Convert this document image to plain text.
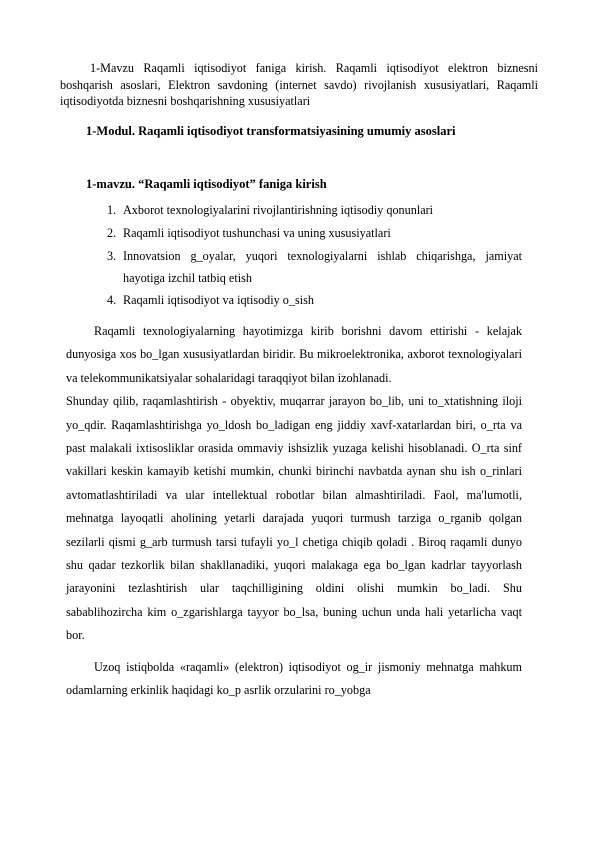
1-Mavzu Raqamli iqtisodiyot faniga kirish. Raqamli iqtisodiyot elektron biznesni boshqarish asoslari, Elektron savdoning (internet savdo) rivojlanish xususiyatlari, Raqamli iqtisodiyotda biznesni boshqarishning xususiyatlari

1-Modul. Raqamli iqtisodiyot transformatsiyasining umumiy asoslari

1-mavzu. “Raqamli iqtisodiyot” faniga kirish

1. Axborot texnologiyalarini rivojlantirishning iqtisodiy qonunlari
2. Raqamli iqtisodiyot tushunchasi va uning xususiyatlari
3. Innovatsion g_oyalar, yuqori texnologiyalarni ishlab chiqarishga, jamiyat hayotiga izchil tatbiq etish
4. Raqamli iqtisodiyot va iqtisodiy o_sish

Raqamli texnologiyalarning hayotimizga kirib borishni davom ettirishi - kelajak dunyosiga xos bo_lgan xususiyatlardan biridir. Bu mikroelektronika, axborot texnologiyalari va telekommunikatsiyalar sohalaridagi taraqqiyot bilan izohlanadi.

Shunday qilib, raqamlashtirish - obyektiv, muqarrar jarayon bo_lib, uni to_xtatishning iloji yo_qdir. Raqamlashtirishga yo_ldosh bo_ladigan eng jiddiy xavf-xatarlardan biri, o_rta va past malakali ixtisosliklar orasida ommaviy ishsizlik yuzaga kelishi hisoblanadi. O_rta sinf vakillari keskin kamayib ketishi mumkin, chunki birinchi navbatda aynan shu ish o_rinlari avtomatlashtiriladi va ular intellektual robotlar bilan almashtiriladi. Faol, ma'lumotli, mehnatga layoqatli aholining yetarli darajada yuqori turmush tarziga o_rganib qolgan sezilarli qismi g_arb turmush tarsi tufayli yo_l chetiga chiqib qoladi . Biroq raqamli dunyo shu qadar tezkorlik bilan shakllanadiki, yuqori malakaga ega bo_lgan kadrlar tayyorlash jarayonini tezlashtirish ular taqchilligining oldini olishi mumkin bo_ladi. Shu sabablihozircha kim o_zgarishlarga tayyor bo_lsa, buning uchun unda hali yetarlicha vaqt bor.

Uzoq istiqbolda «raqamli» (elektron) iqtisodiyot og_ir jismoniy mehnatga mahkum odamlarning erkinlik haqidagi ko_p asrlik orzularini ro_yobga
